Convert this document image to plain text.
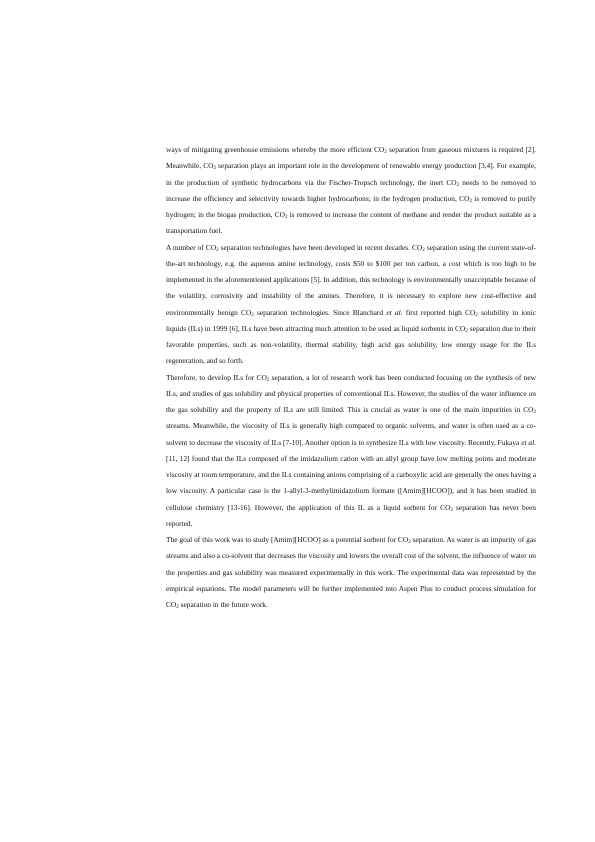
ways of mitigating greenhouse emissions whereby the more efficient $CO_2$ separation from gaseous mixtures is required [2]. Meanwhile, $CO_2$ separation plays an important role in the development of renewable energy production [3,4]. For example, in the production of synthetic hydrocarbons via the Fischer-Tropsch technology, the inert $CO_2$ needs to be removed to increase the efficiency and selectivity towards higher hydrocarbons; in the hydrogen production, $CO_2$ is removed to purify hydrogen; in the biogas production, $CO_2$ is removed to increase the content of methane and render the product suitable as a transportation fuel.

A number of $CO_2$ separation technologies have been developed in recent decades. $CO_2$ separation using the current state-of-the-art technology, e.g. the aqueous amine technology, costs $50 to $100 per ton carbon, a cost which is too high to be implemented in the aforementioned applications [5]. In addition, this technology is environmentally unacceptable because of the volatility, corrosivity and instability of the amines. Therefore, it is necessary to explore new cost-effective and environmentally benign $CO_2$ separation technologies. Since Blanchard et al. first reported high $CO_2$ solubility in ionic liquids (ILs) in 1999 [6], ILs have been attracting much attention to be used as liquid sorbents in $CO_2$ separation due to their favorable properties, such as non-volatility, thermal stability, high acid gas solubility, low energy usage for the ILs regeneration, and so forth.

Therefore, to develop ILs for $CO_2$ separation, a lot of research work has been conducted focusing on the synthesis of new ILs, and studies of gas solubility and physical properties of conventional ILs. However, the studies of the water influence on the gas solubility and the property of ILs are still limited. This is crucial as water is one of the main impurities in $CO_2$ streams. Meanwhile, the viscosity of ILs is generally high compared to organic solvents, and water is often used as a co-solvent to decrease the viscosity of ILs [7-10]. Another option is to synthesize ILs with low viscosity. Recently, Fukaya et al. [11, 12] found that the ILs composed of the imidazolium cation with an allyl group have low melting points and moderate viscosity at room temperature, and the ILs containing anions comprising of a carboxylic acid are generally the ones having a low viscosity. A particular case is the 1-allyl-3-methylimidazolium formate ([Amim][HCOO]), and it has been studied in cellulose chemistry [13-16]. However, the application of this IL as a liquid sorbent for $CO_2$ separation has never been reported.

The goal of this work was to study [Amim][HCOO] as a potential sorbent for $CO_2$ separation. As water is an impurity of gas streams and also a co-solvent that decreases the viscosity and lowers the overall cost of the solvent, the influence of water on the properties and gas solubility was measured experimentally in this work. The experimental data was represented by the empirical equations. The model parameters will be further implemented into Aspen Plus to conduct process simulation for $CO_2$ separation in the future work.
